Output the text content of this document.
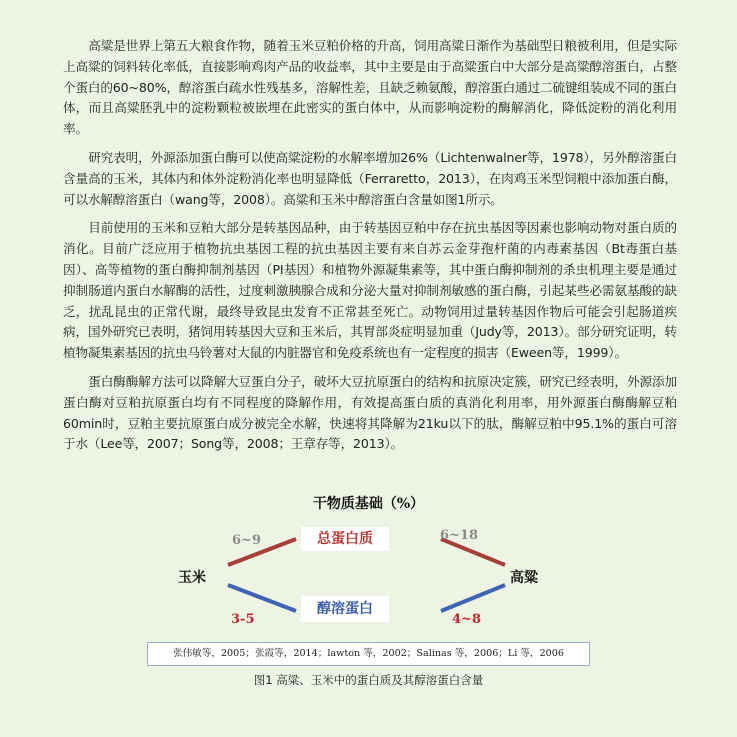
高粱是世界上第五大粮食作物，随着玉米豆粕价格的升高，饲用高粱日渐作为基础型日粮被利用，但是实际上高粱的饲料转化率低，直接影响鸡肉产品的收益率，其中主要是由于高粱蛋白中大部分是高粱醇溶蛋白，占整个蛋白的60~80%，醇溶蛋白疏水性残基多，溶解性差，且缺乏赖氨酸，醇溶蛋白通过二硫键组装成不同的蛋白体，而且高粱胚乳中的淀粉颗粒被嵌埋在此密实的蛋白体中，从而影响淀粉的酶解消化，降低淀粉的消化利用率。

研究表明，外源添加蛋白酶可以使高粱淀粉的水解率增加26%（Lichtenwalner等，1978），另外醇溶蛋白含量高的玉米，其体内和体外淀粉消化率也明显降低（Ferraretto，2013），在肉鸡玉米型饲粮中添加蛋白酶，可以水解醇溶蛋白（wang等，2008）。高粱和玉米中醇溶蛋白含量如图1所示。

目前使用的玉米和豆粕大部分是转基因品种，由于转基因豆粕中存在抗虫基因等因素也影响动物对蛋白质的消化。目前广泛应用于植物抗虫基因工程的抗虫基因主要有来自苏云金芽孢杆菌的内毒素基因（Bt毒蛋白基因）、高等植物的蛋白酶抑制剂基因（PI基因）和植物外源凝集素等，其中蛋白酶抑制剂的杀虫机理主要是通过抑制肠道内蛋白水解酶的活性，过度刺激胰腺合成和分泌大量对抑制剂敏感的蛋白酶，引起某些必需氨基酸的缺乏，扰乱昆虫的正常代谢，最终导致昆虫发育不正常甚至死亡。动物饲用过量转基因作物后可能会引起肠道疾病，国外研究已表明，猪饲用转基因大豆和玉米后，其胃部炎症明显加重（Judy等，2013）。部分研究证明，转植物凝集素基因的抗虫马铃薯对大鼠的内脏器官和免疫系统也有一定程度的损害（Eween等，1999）。

蛋白酶酶解方法可以降解大豆蛋白分子，破坏大豆抗原蛋白的结构和抗原决定簇，研究已经表明，外源添加蛋白酶对豆粕抗原蛋白均有不同程度的降解作用，有效提高蛋白质的真消化利用率，用外源蛋白酶酶解豆粕60min时，豆粕主要抗原蛋白成分被完全水解，快速将其降解为21ku以下的肽，酶解豆粕中95.1%的蛋白可溶于水（Lee等，2007；Song等，2008；王章存等，2013）。

干物质基础（%）
总蛋白质
醇溶蛋白
玉米	高粱
6~9	6~18
3-5	4~8
张伟敏等，2005；张霞等，2014；lawton 等，2002；Salinas 等，2006；Li 等，2006
图1 高粱、玉米中的蛋白质及其醇溶蛋白含量
